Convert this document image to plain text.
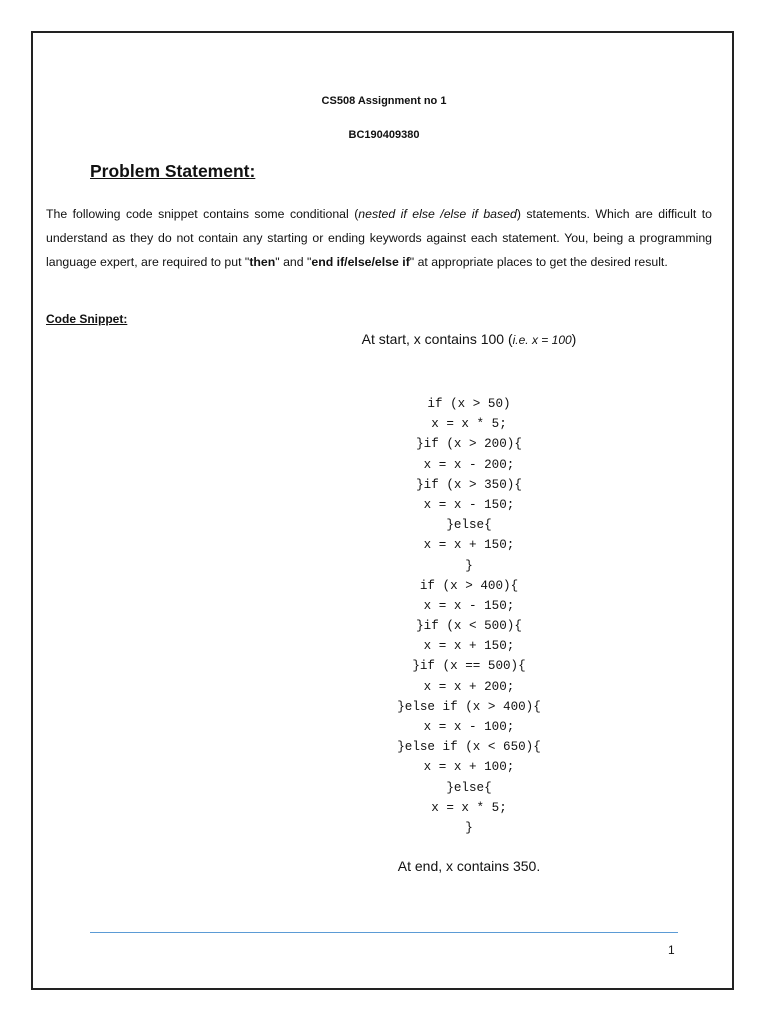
CS508 Assignment no 1
BC190409380
Problem Statement:
The following code snippet contains some conditional (nested if else /else if based) statements. Which are difficult to understand as they do not contain any starting or ending keywords against each statement. You, being a programming language expert, are required to put "then" and "end if/else/else if" at appropriate places to get the desired result.
Code Snippet:
At start, x contains 100 (i.e. x = 100)
if (x > 50)
x = x * 5;
}if (x > 200){
x = x - 200;
}if (x > 350){
x = x - 150;
}else{
x = x + 150;
}
if (x > 400){
x = x - 150;
}if (x < 500){
x = x + 150;
}if (x == 500){
x = x + 200;
}else if (x > 400){
x = x - 100;
}else if (x < 650){
x = x + 100;
}else{
x = x * 5;
}
At end, x contains 350.
1
